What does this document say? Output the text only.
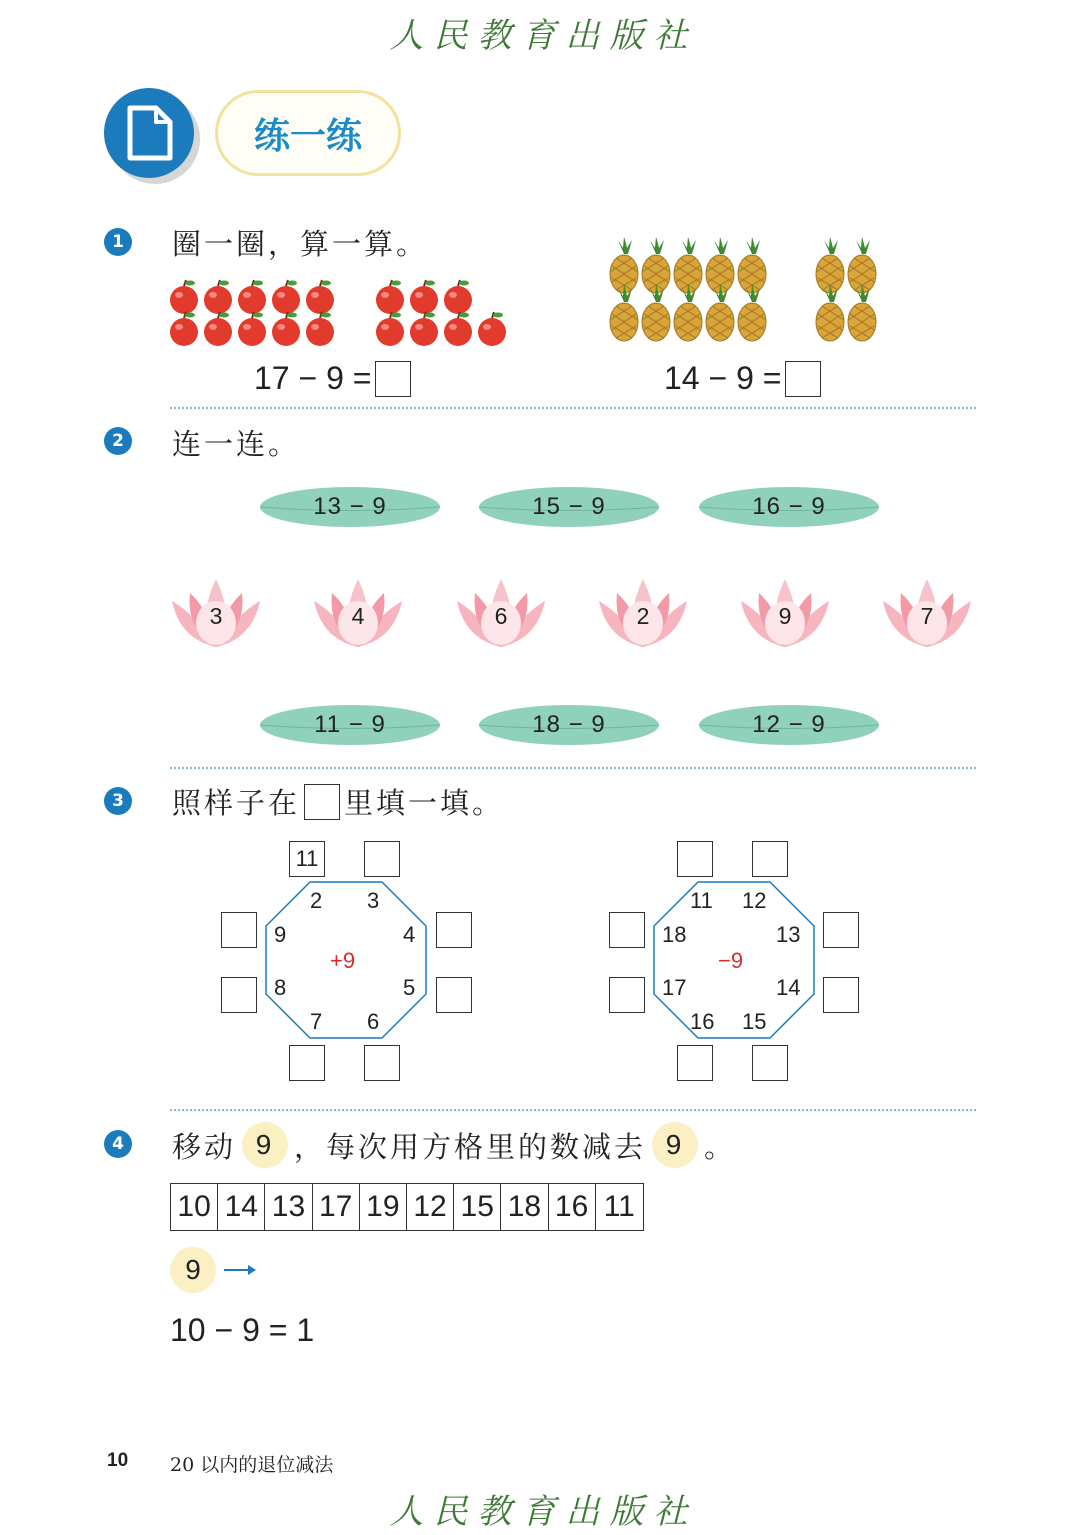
人民教育出版社
练一练
1 圈一圈，算一算。
17 − 9 =	14 − 9 =
2 连一连。
13 − 9	15 − 9	16 − 9
3	4	6	2	9	7
11 − 9	18 − 9	12 − 9
3 照样子在 里填一填。
2 3
4
5
6
7
8
9
+9
11
11 12
13
14
15
16
17
18
−9
4 移动 9 ，每次用方格里的数减去 9 。
10 14 13 17 19 12 15 18 16 11
9
10 − 9 = 1
10 20 以内的退位减法
人民教育出版社
